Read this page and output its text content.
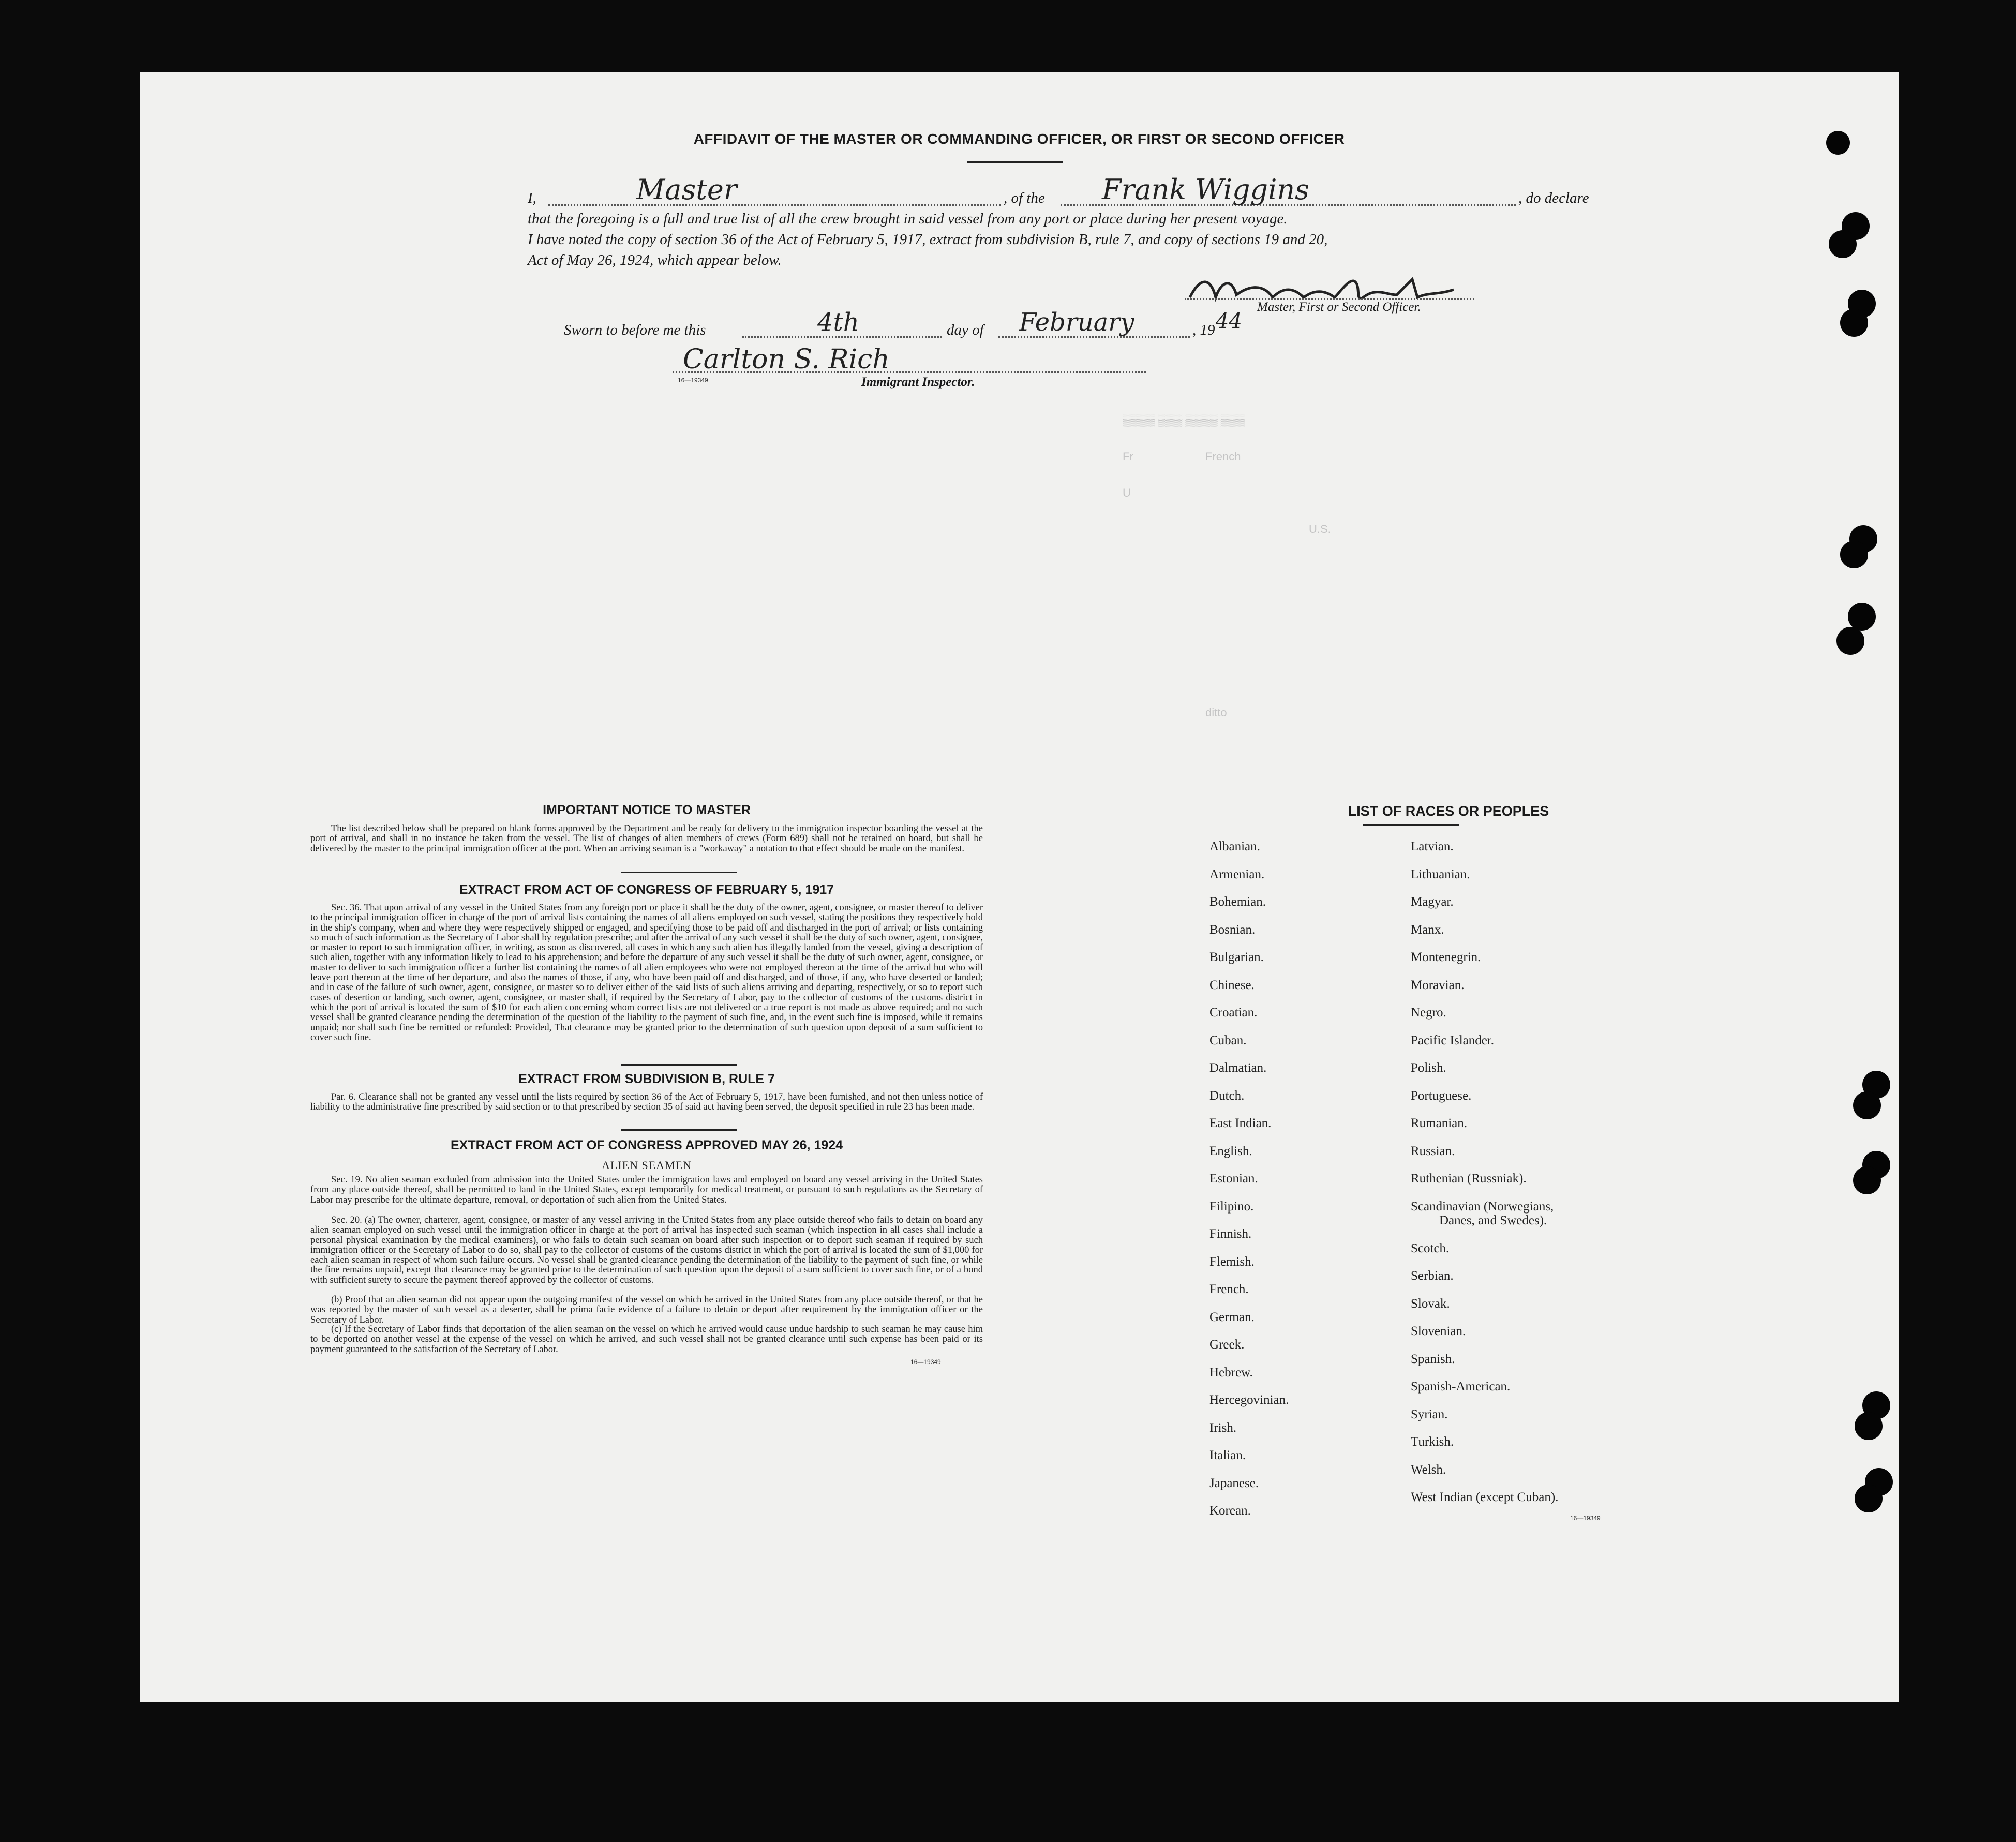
AFFIDAVIT OF THE MASTER OR COMMANDING OFFICER, OR FIRST OR SECOND OFFICER
I,	, of the	, do declare
Master	Frank Wiggins
that the foregoing is a full and true list of all the crew brought in said vessel from any port or place during her present voyage.
I have noted the copy of section 36 of the Act of February 5, 1917, extract from subdivision B, rule 7, and copy of sections 19 and 20,
Act of May 26, 1924, which appear below.
Master, First or Second Officer.
Sworn to before me this	day of	, 19
4th	February	44
Carlton S. Rich
16—19349	Immigrant Inspector.
▒▒▒▒ ▒▒▒ ▒▒▒▒ ▒▒▒
Fr	French
U
U.S.
ditto
IMPORTANT NOTICE TO MASTER
The list described below shall be prepared on blank forms approved by the Department and be ready for delivery to the immigration inspector boarding the vessel at the port of arrival, and shall in no instance be taken from the vessel. The list of changes of alien members of crews (Form 689) shall not be retained on board, but shall be delivered by the master to the principal immigration officer at the port. When an arriving seaman is a "workaway" a notation to that effect should be made on the manifest.
EXTRACT FROM ACT OF CONGRESS OF FEBRUARY 5, 1917
Sec. 36. That upon arrival of any vessel in the United States from any foreign port or place it shall be the duty of the owner, agent, consignee, or master thereof to deliver to the principal immigration officer in charge of the port of arrival lists containing the names of all aliens employed on such vessel, stating the positions they respectively hold in the ship's company, when and where they were respectively shipped or engaged, and specifying those to be paid off and discharged in the port of arrival; or lists containing so much of such information as the Secretary of Labor shall by regulation prescribe; and after the arrival of any such vessel it shall be the duty of such owner, agent, consignee, or master to report to such immigration officer, in writing, as soon as discovered, all cases in which any such alien has illegally landed from the vessel, giving a description of such alien, together with any information likely to lead to his apprehension; and before the departure of any such vessel it shall be the duty of such owner, agent, consignee, or master to deliver to such immigration officer a further list containing the names of all alien employees who were not employed thereon at the time of the arrival but who will leave port thereon at the time of her departure, and also the names of those, if any, who have been paid off and discharged, and of those, if any, who have deserted or landed; and in case of the failure of such owner, agent, consignee, or master so to deliver either of the said lists of such aliens arriving and departing, respectively, or so to report such cases of desertion or landing, such owner, agent, consignee, or master shall, if required by the Secretary of Labor, pay to the collector of customs of the customs district in which the port of arrival is located the sum of $10 for each alien concerning whom correct lists are not delivered or a true report is not made as above required; and no such vessel shall be granted clearance pending the determination of the question of the liability to the payment of such fine, and, in the event such fine is imposed, while it remains unpaid; nor shall such fine be remitted or refunded: Provided, That clearance may be granted prior to the determination of such question upon deposit of a sum sufficient to cover such fine.
EXTRACT FROM SUBDIVISION B, RULE 7
Par. 6. Clearance shall not be granted any vessel until the lists required by section 36 of the Act of February 5, 1917, have been furnished, and not then unless notice of liability to the administrative fine prescribed by said section or to that prescribed by section 35 of said act having been served, the deposit specified in rule 23 has been made.
EXTRACT FROM ACT OF CONGRESS APPROVED MAY 26, 1924
ALIEN SEAMEN
Sec. 19. No alien seaman excluded from admission into the United States under the immigration laws and employed on board any vessel arriving in the United States from any place outside thereof, shall be permitted to land in the United States, except temporarily for medical treatment, or pursuant to such regulations as the Secretary of Labor may prescribe for the ultimate departure, removal, or deportation of such alien from the United States.
Sec. 20. (a) The owner, charterer, agent, consignee, or master of any vessel arriving in the United States from any place outside thereof who fails to detain on board any alien seaman employed on such vessel until the immigration officer in charge at the port of arrival has inspected such seaman (which inspection in all cases shall include a personal physical examination by the medical examiners), or who fails to detain such seaman on board after such inspection or to deport such seaman if required by such immigration officer or the Secretary of Labor to do so, shall pay to the collector of customs of the customs district in which the port of arrival is located the sum of $1,000 for each alien seaman in respect of whom such failure occurs. No vessel shall be granted clearance pending the determination of the liability to the payment of such fine, or while the fine remains unpaid, except that clearance may be granted prior to the determination of such question upon the deposit of a sum sufficient to cover such fine, or of a bond with sufficient surety to secure the payment thereof approved by the collector of customs.
(b) Proof that an alien seaman did not appear upon the outgoing manifest of the vessel on which he arrived in the United States from any place outside thereof, or that he was reported by the master of such vessel as a deserter, shall be prima facie evidence of a failure to detain or deport after requirement by the immigration officer or the Secretary of Labor.
(c) If the Secretary of Labor finds that deportation of the alien seaman on the vessel on which he arrived would cause undue hardship to such seaman he may cause him to be deported on another vessel at the expense of the vessel on which he arrived, and such vessel shall not be granted clearance until such expense has been paid or its payment guaranteed to the satisfaction of the Secretary of Labor.
16—19349
LIST OF RACES OR PEOPLES
Albanian.
Armenian.
Bohemian.
Bosnian.
Bulgarian.
Chinese.
Croatian.
Cuban.
Dalmatian.
Dutch.
East Indian.
English.
Estonian.
Filipino.
Finnish.
Flemish.
French.
German.
Greek.
Hebrew.
Hercegovinian.
Irish.
Italian.
Japanese.
Korean.
Latvian.
Lithuanian.
Magyar.
Manx.
Montenegrin.
Moravian.
Negro.
Pacific Islander.
Polish.
Portuguese.
Rumanian.
Russian.
Ruthenian (Russniak).
Scandinavian (Norwegians,
Danes, and Swedes).
Scotch.
Serbian.
Slovak.
Slovenian.
Spanish.
Spanish-American.
Syrian.
Turkish.
Welsh.
West Indian (except Cuban).
16—19349
